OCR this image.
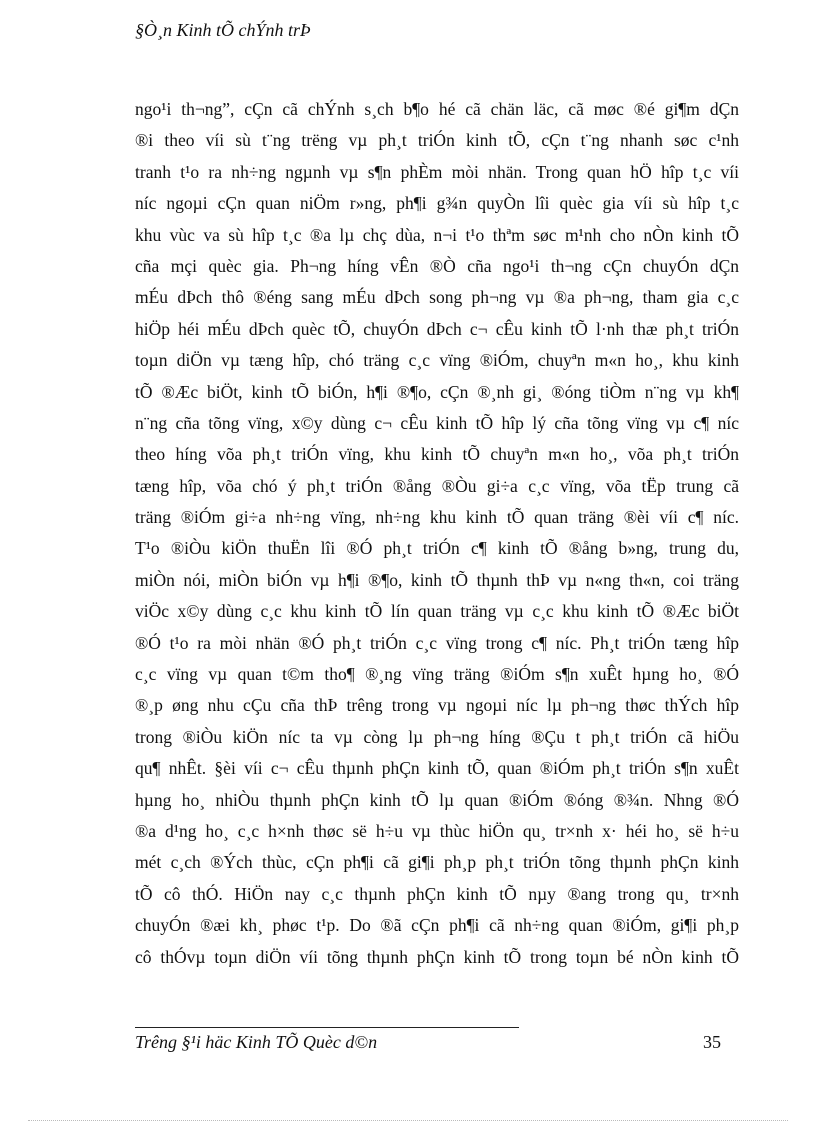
§Ò¸n Kinh tÕ chÝnh trÞ
ngo¹i th¬ng”, cÇn cã chÝnh s¸ch b¶o hé cã chän läc, cã møc ®é gi¶m dÇn
®i theo víi sù t¨ng trëng vµ ph¸t triÓn kinh tÕ, cÇn t¨ng nhanh søc c¹nh
tranh t¹o ra nh÷ng ngµnh vµ s¶n phÈm mòi nhän. Trong quan hÖ hîp t¸c víi
níc ngoµi cÇn quan niÖm r»ng, ph¶i g¾n quyÒn lîi quèc gia víi sù hîp t¸c
khu vùc va sù hîp t¸c ®a lµ chç dùa, n¬i t¹o thªm søc m¹nh cho nÒn kinh tÕ
cña mçi quèc gia. Ph¬ng híng vÊn ®Ò cña ngo¹i th¬ng cÇn chuyÓn dÇn
mÉu dÞch thô ®éng sang mÉu dÞch song ph¬ng vµ ®a ph¬ng, tham gia c¸c
hiÖp héi mÉu dÞch quèc tÕ, chuyÓn dÞch c¬ cÊu kinh tÕ l·nh thæ ph¸t triÓn
toµn diÖn vµ tæng hîp, chó träng c¸c vïng ®iÓm, chuyªn m«n ho¸, khu kinh
tÕ ®Æc biÖt, kinh tÕ biÓn, h¶i ®¶o, cÇn ®¸nh gi¸ ®óng tiÒm n¨ng vµ kh¶
n¨ng cña tõng vïng, x©y dùng c¬ cÊu kinh tÕ hîp lý cña tõng vïng vµ c¶ níc
theo híng võa ph¸t triÓn vïng, khu kinh tÕ chuyªn m«n ho¸, võa ph¸t triÓn
tæng hîp, võa chó ý ph¸t triÓn ®ång ®Òu gi÷a c¸c vïng, võa tËp trung cã
träng ®iÓm gi÷a nh÷ng vïng, nh÷ng khu kinh tÕ quan träng ®èi víi c¶ níc.
T¹o ®iÒu kiÖn thuËn lîi ®Ó ph¸t triÓn c¶ kinh tÕ ®ång b»ng, trung du,
miÒn nói, miÒn biÓn vµ h¶i ®¶o, kinh tÕ thµnh thÞ vµ n«ng th«n, coi träng
viÖc x©y dùng c¸c khu kinh tÕ lín quan träng vµ c¸c khu kinh tÕ ®Æc biÖt
®Ó t¹o ra mòi nhän ®Ó ph¸t triÓn c¸c vïng trong c¶ níc. Ph¸t triÓn tæng hîp
c¸c vïng vµ quan t©m tho¶ ®¸ng vïng träng ®iÓm s¶n xuÊt hµng ho¸ ®Ó
®¸p øng nhu cÇu cña thÞ trêng trong vµ ngoµi níc lµ ph¬ng thøc thÝch hîp
trong ®iÒu kiÖn níc ta vµ còng lµ ph¬ng híng ®Çu t ph¸t triÓn cã hiÖu
qu¶ nhÊt. §èi víi c¬ cÊu thµnh phÇn kinh tÕ, quan ®iÓm ph¸t triÓn s¶n xuÊt
hµng ho¸ nhiÒu thµnh phÇn kinh tÕ lµ quan ®iÓm ®óng ®¾n. Nhng ®Ó
®a d¹ng ho¸ c¸c h×nh thøc së h÷u vµ thùc hiÖn qu¸ tr×nh x· héi ho¸ së h÷u
mét c¸ch ®Ých thùc, cÇn ph¶i cã gi¶i ph¸p ph¸t triÓn tõng thµnh phÇn kinh
tÕ cô thÓ. HiÖn nay c¸c thµnh phÇn kinh tÕ nµy ®ang trong qu¸ tr×nh
chuyÓn ®æi kh¸ phøc t¹p. Do ®ã cÇn ph¶i cã nh÷ng quan ®iÓm, gi¶i ph¸p
cô thÓvµ toµn diÖn víi tõng thµnh phÇn kinh tÕ trong toµn bé nÒn kinh tÕ
Trêng §¹i häc Kinh TÕ Quèc d©n	35
